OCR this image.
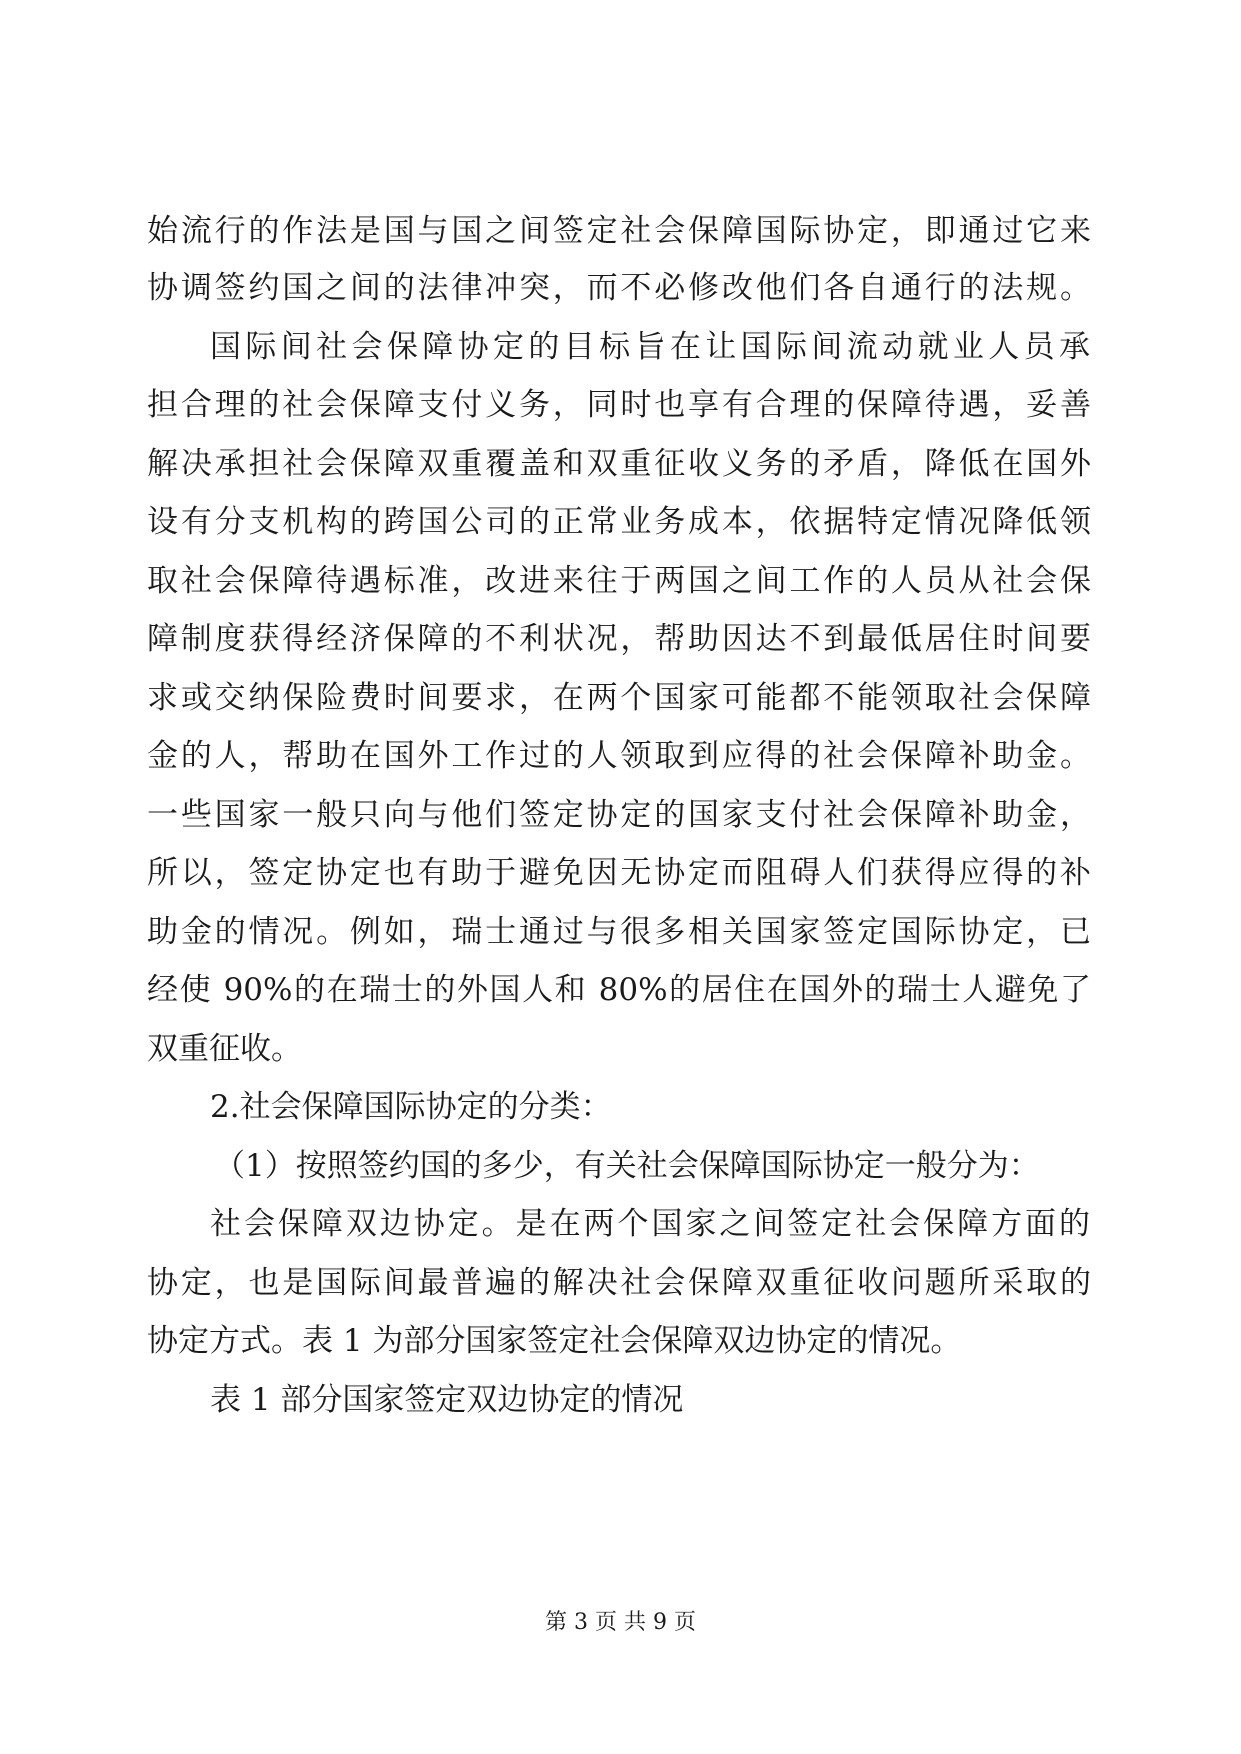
始流行的作法是国与国之间签定社会保障国际协定，即通过它来
协调签约国之间的法律冲突，而不必修改他们各自通行的法规。
国际间社会保障协定的目标旨在让国际间流动就业人员承
担合理的社会保障支付义务，同时也享有合理的保障待遇，妥善
解决承担社会保障双重覆盖和双重征收义务的矛盾，降低在国外
设有分支机构的跨国公司的正常业务成本，依据特定情况降低领
取社会保障待遇标准，改进来往于两国之间工作的人员从社会保
障制度获得经济保障的不利状况，帮助因达不到最低居住时间要
求或交纳保险费时间要求，在两个国家可能都不能领取社会保障
金的人，帮助在国外工作过的人领取到应得的社会保障补助金。
一些国家一般只向与他们签定协定的国家支付社会保障补助金，
所以，签定协定也有助于避免因无协定而阻碍人们获得应得的补
助金的情况。例如，瑞士通过与很多相关国家签定国际协定，已
经使 90%的在瑞士的外国人和 80%的居住在国外的瑞士人避免了
双重征收。
2.社会保障国际协定的分类：
（1）按照签约国的多少，有关社会保障国际协定一般分为：
社会保障双边协定。是在两个国家之间签定社会保障方面的
协定，也是国际间最普遍的解决社会保障双重征收问题所采取的
协定方式。表 1 为部分国家签定社会保障双边协定的情况。
表 1 部分国家签定双边协定的情况
第 3 页 共 9 页
